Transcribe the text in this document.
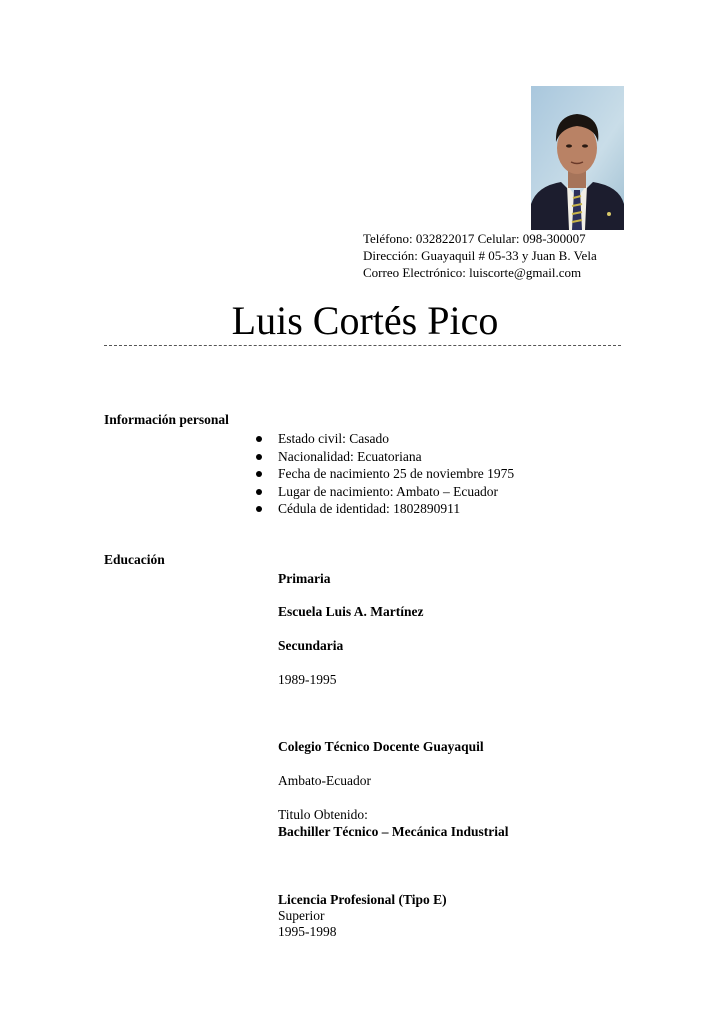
Teléfono: 032822017 Celular: 098-300007
Dirección: Guayaquil # 05-33 y Juan B. Vela
Correo Electrónico: luiscorte@gmail.com
Luis Cortés Pico
Información personal
Estado civil: Casado
Nacionalidad: Ecuatoriana
Fecha de nacimiento 25 de noviembre 1975
Lugar de nacimiento: Ambato – Ecuador
Cédula de identidad: 1802890911
Educación
Primaria
Escuela Luis A. Martínez
Secundaria
1989-1995
Colegio Técnico Docente Guayaquil
Ambato-Ecuador
Titulo Obtenido:
Bachiller Técnico – Mecánica Industrial
Licencia Profesional (Tipo E)
Superior
1995-1998
